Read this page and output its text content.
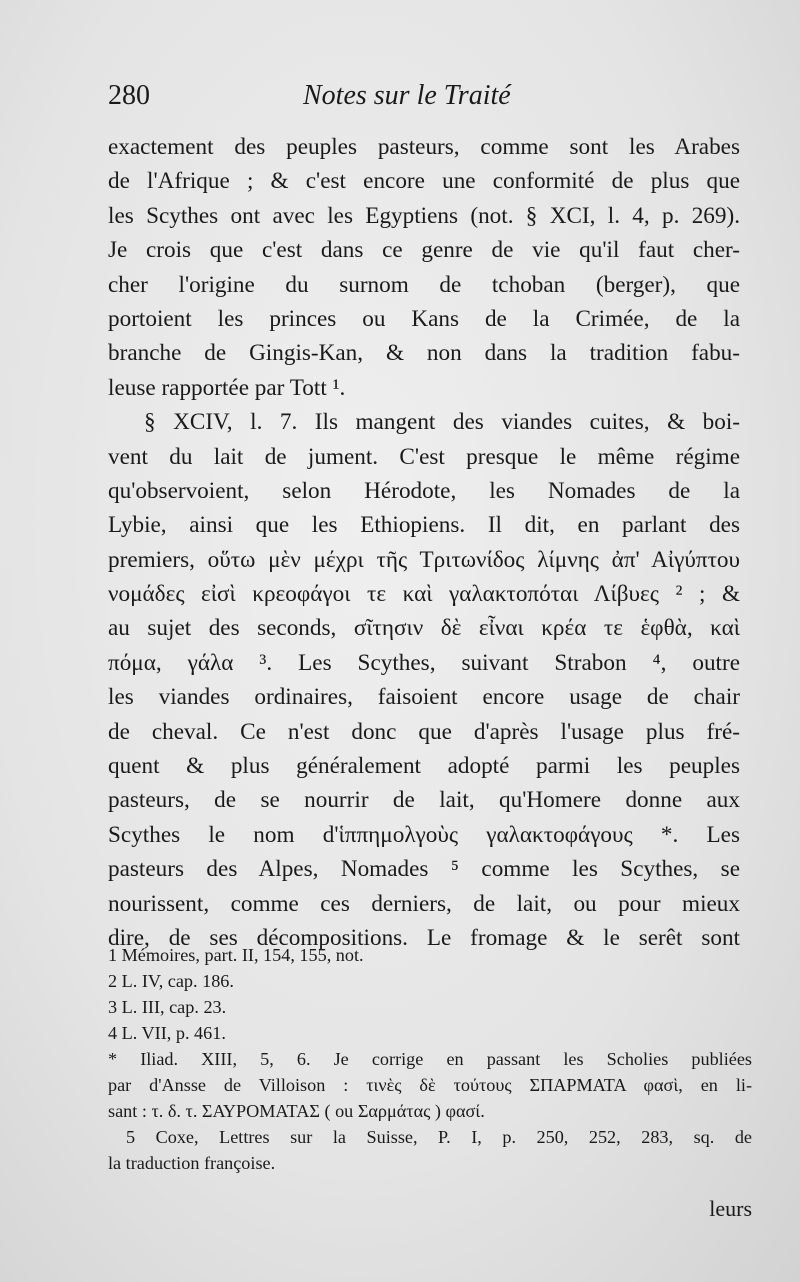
280	Notes sur le Traité
exactement des peuples pasteurs, comme sont les Arabes
de l'Afrique ; & c'est encore une conformité de plus que
les Scythes ont avec les Egyptiens (not. § XCI, l. 4, p. 269).
Je crois que c'est dans ce genre de vie qu'il faut cher-
cher l'origine du surnom de tchoban (berger), que
portoient les princes ou Kans de la Crimée, de la
branche de Gingis-Kan, & non dans la tradition fabu-
leuse rapportée par Tott ¹.
§ XCIV, l. 7. Ils mangent des viandes cuites, & boi-
vent du lait de jument. C'est presque le même régime
qu'observoient, selon Hérodote, les Nomades de la
Lybie, ainsi que les Ethiopiens. Il dit, en parlant des
premiers, οὕτω μὲν μέχρι τῆς Τριτωνίδος λίμνης ἀπ' Αἰγύπτου
νομάδες εἰσὶ κρεοφάγοι τε καὶ γαλακτοπόται Λίβυες ² ; &
au sujet des seconds, σῖτησιν δὲ εἶναι κρέα τε ἑφθὰ, καὶ
πόμα, γάλα ³. Les Scythes, suivant Strabon ⁴, outre
les viandes ordinaires, faisoient encore usage de chair
de cheval. Ce n'est donc que d'après l'usage plus fré-
quent & plus généralement adopté parmi les peuples
pasteurs, de se nourrir de lait, qu'Homere donne aux
Scythes le nom d'ἱππημολγοὺς γαλακτοφάγους *. Les
pasteurs des Alpes, Nomades ⁵ comme les Scythes, se
nourissent, comme ces derniers, de lait, ou pour mieux
dire, de ses décompositions. Le fromage & le serêt sont
1 Mémoires, part. II, 154, 155, not.
2 L. IV, cap. 186.
3 L. III, cap. 23.
4 L. VII, p. 461.
* Iliad. XIII, 5, 6. Je corrige en passant les Scholies publiées
par d'Ansse de Villoison : τινὲς δὲ τούτους ΣΠΑΡΜΑΤΑ φασὶ, en li-
sant : τ. δ. τ. ΣΑΥΡΟΜΑΤΑΣ ( ou Σαρμάτας ) φασί.
5 Coxe, Lettres sur la Suisse, P. I, p. 250, 252, 283, sq. de
la traduction françoise.
leurs
